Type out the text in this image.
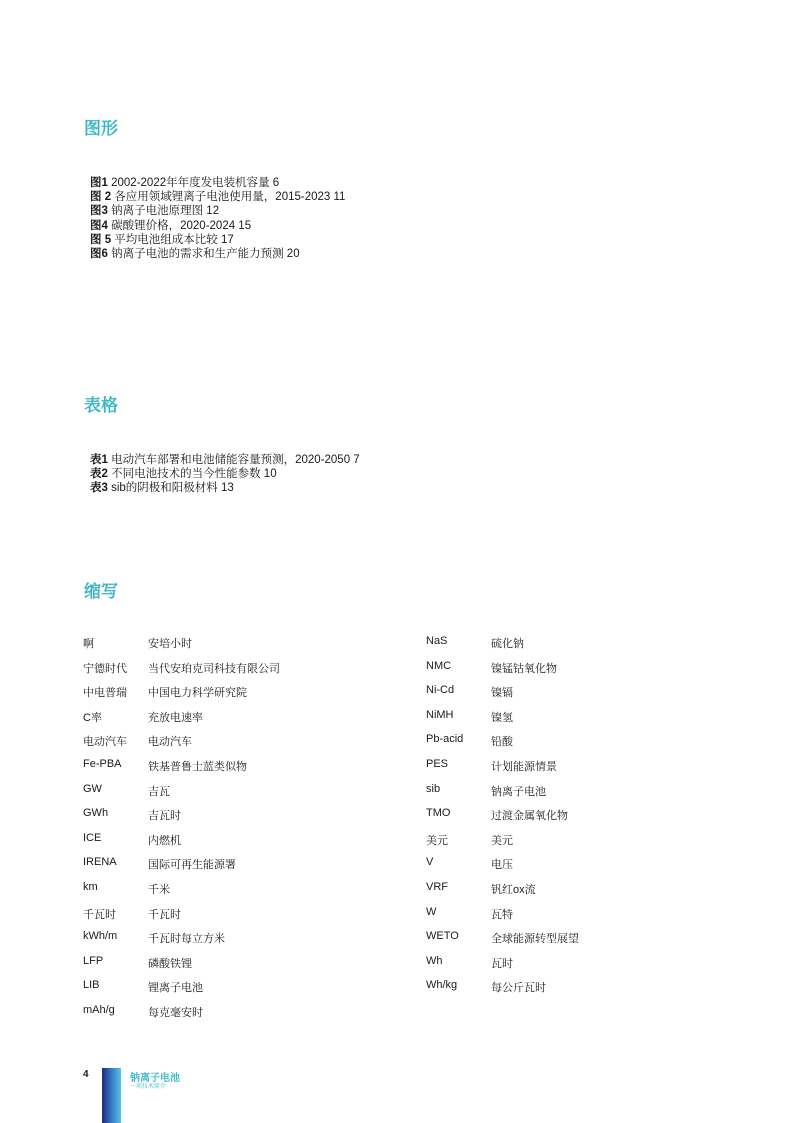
图形
图1 2002-2022年年度发电装机容量 6
图 2 各应用领域锂离子电池使用量，2015-2023 11
图3 钠离子电池原理图 12
图4 碳酸锂价格，2020-2024 15
图 5 平均电池组成本比较 17
图6 钠离子电池的需求和生产能力预测 20
表格
表1 电动汽车部署和电池储能容量预测，2020-2050 7
表2 不同电池技术的当今性能参数 10
表3 sib的阴极和阳极材料 13
缩写
啊	安培小时
宁德时代	当代安珀克司科技有限公司
中电普瑞	中国电力科学研究院
C率	充放电速率
电动汽车	电动汽车
Fe-PBA	铁基普鲁士蓝类似物
GW	吉瓦
GWh	吉瓦时
ICE	内燃机
IRENA	国际可再生能源署
km	千米
千瓦时	千瓦时
kWh/m	千瓦时每立方米
LFP	磷酸铁锂
LIB	锂离子电池
mAh/g	每克毫安时
NaS	硫化钠
NMC	镍锰钴氧化物
Ni-Cd	镍镉
NiMH	镍氢
Pb-acid	铅酸
PES	计划能源情景
sib	钠离子电池
TMO	过渡金属氧化物
美元	美元
V	电压
VRF	钒红ox流
W	瓦特
WETO	全球能源转型展望
Wh	瓦时
Wh/kg	每公斤瓦时
4	钠离子电池
一项技术简介
